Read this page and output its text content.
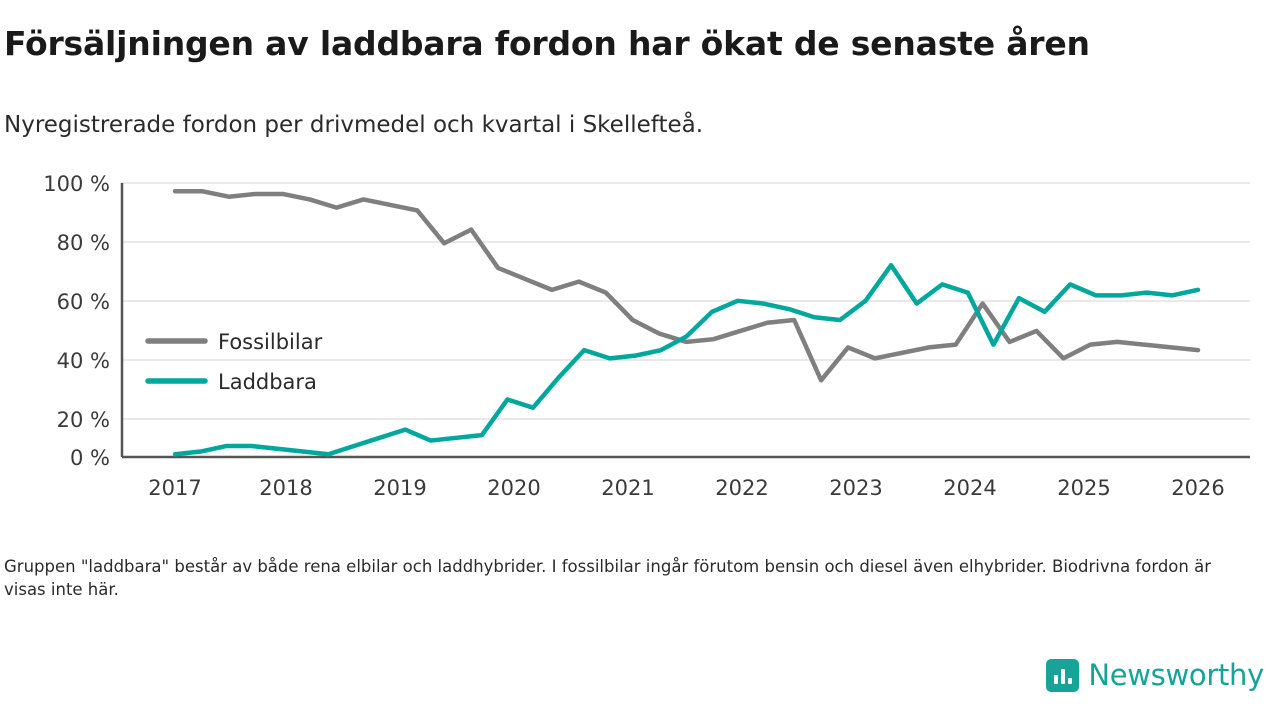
Försäljningen av laddbara fordon har ökat de senaste åren
Nyregistrerade fordon per drivmedel och kvartal i Skellefteå.
100 %
80 %
60 %
40 %
20 %
0 %
2017	2018	2019	2020	2021	2022	2023	2024	2025	2026
Fossilbilar
Laddbara
Gruppen "laddbara" består av både rena elbilar och laddhybrider. I fossilbilar ingår förutom bensin och diesel även elhybrider. Biodrivna fordon är visas inte här.
Newsworthy
